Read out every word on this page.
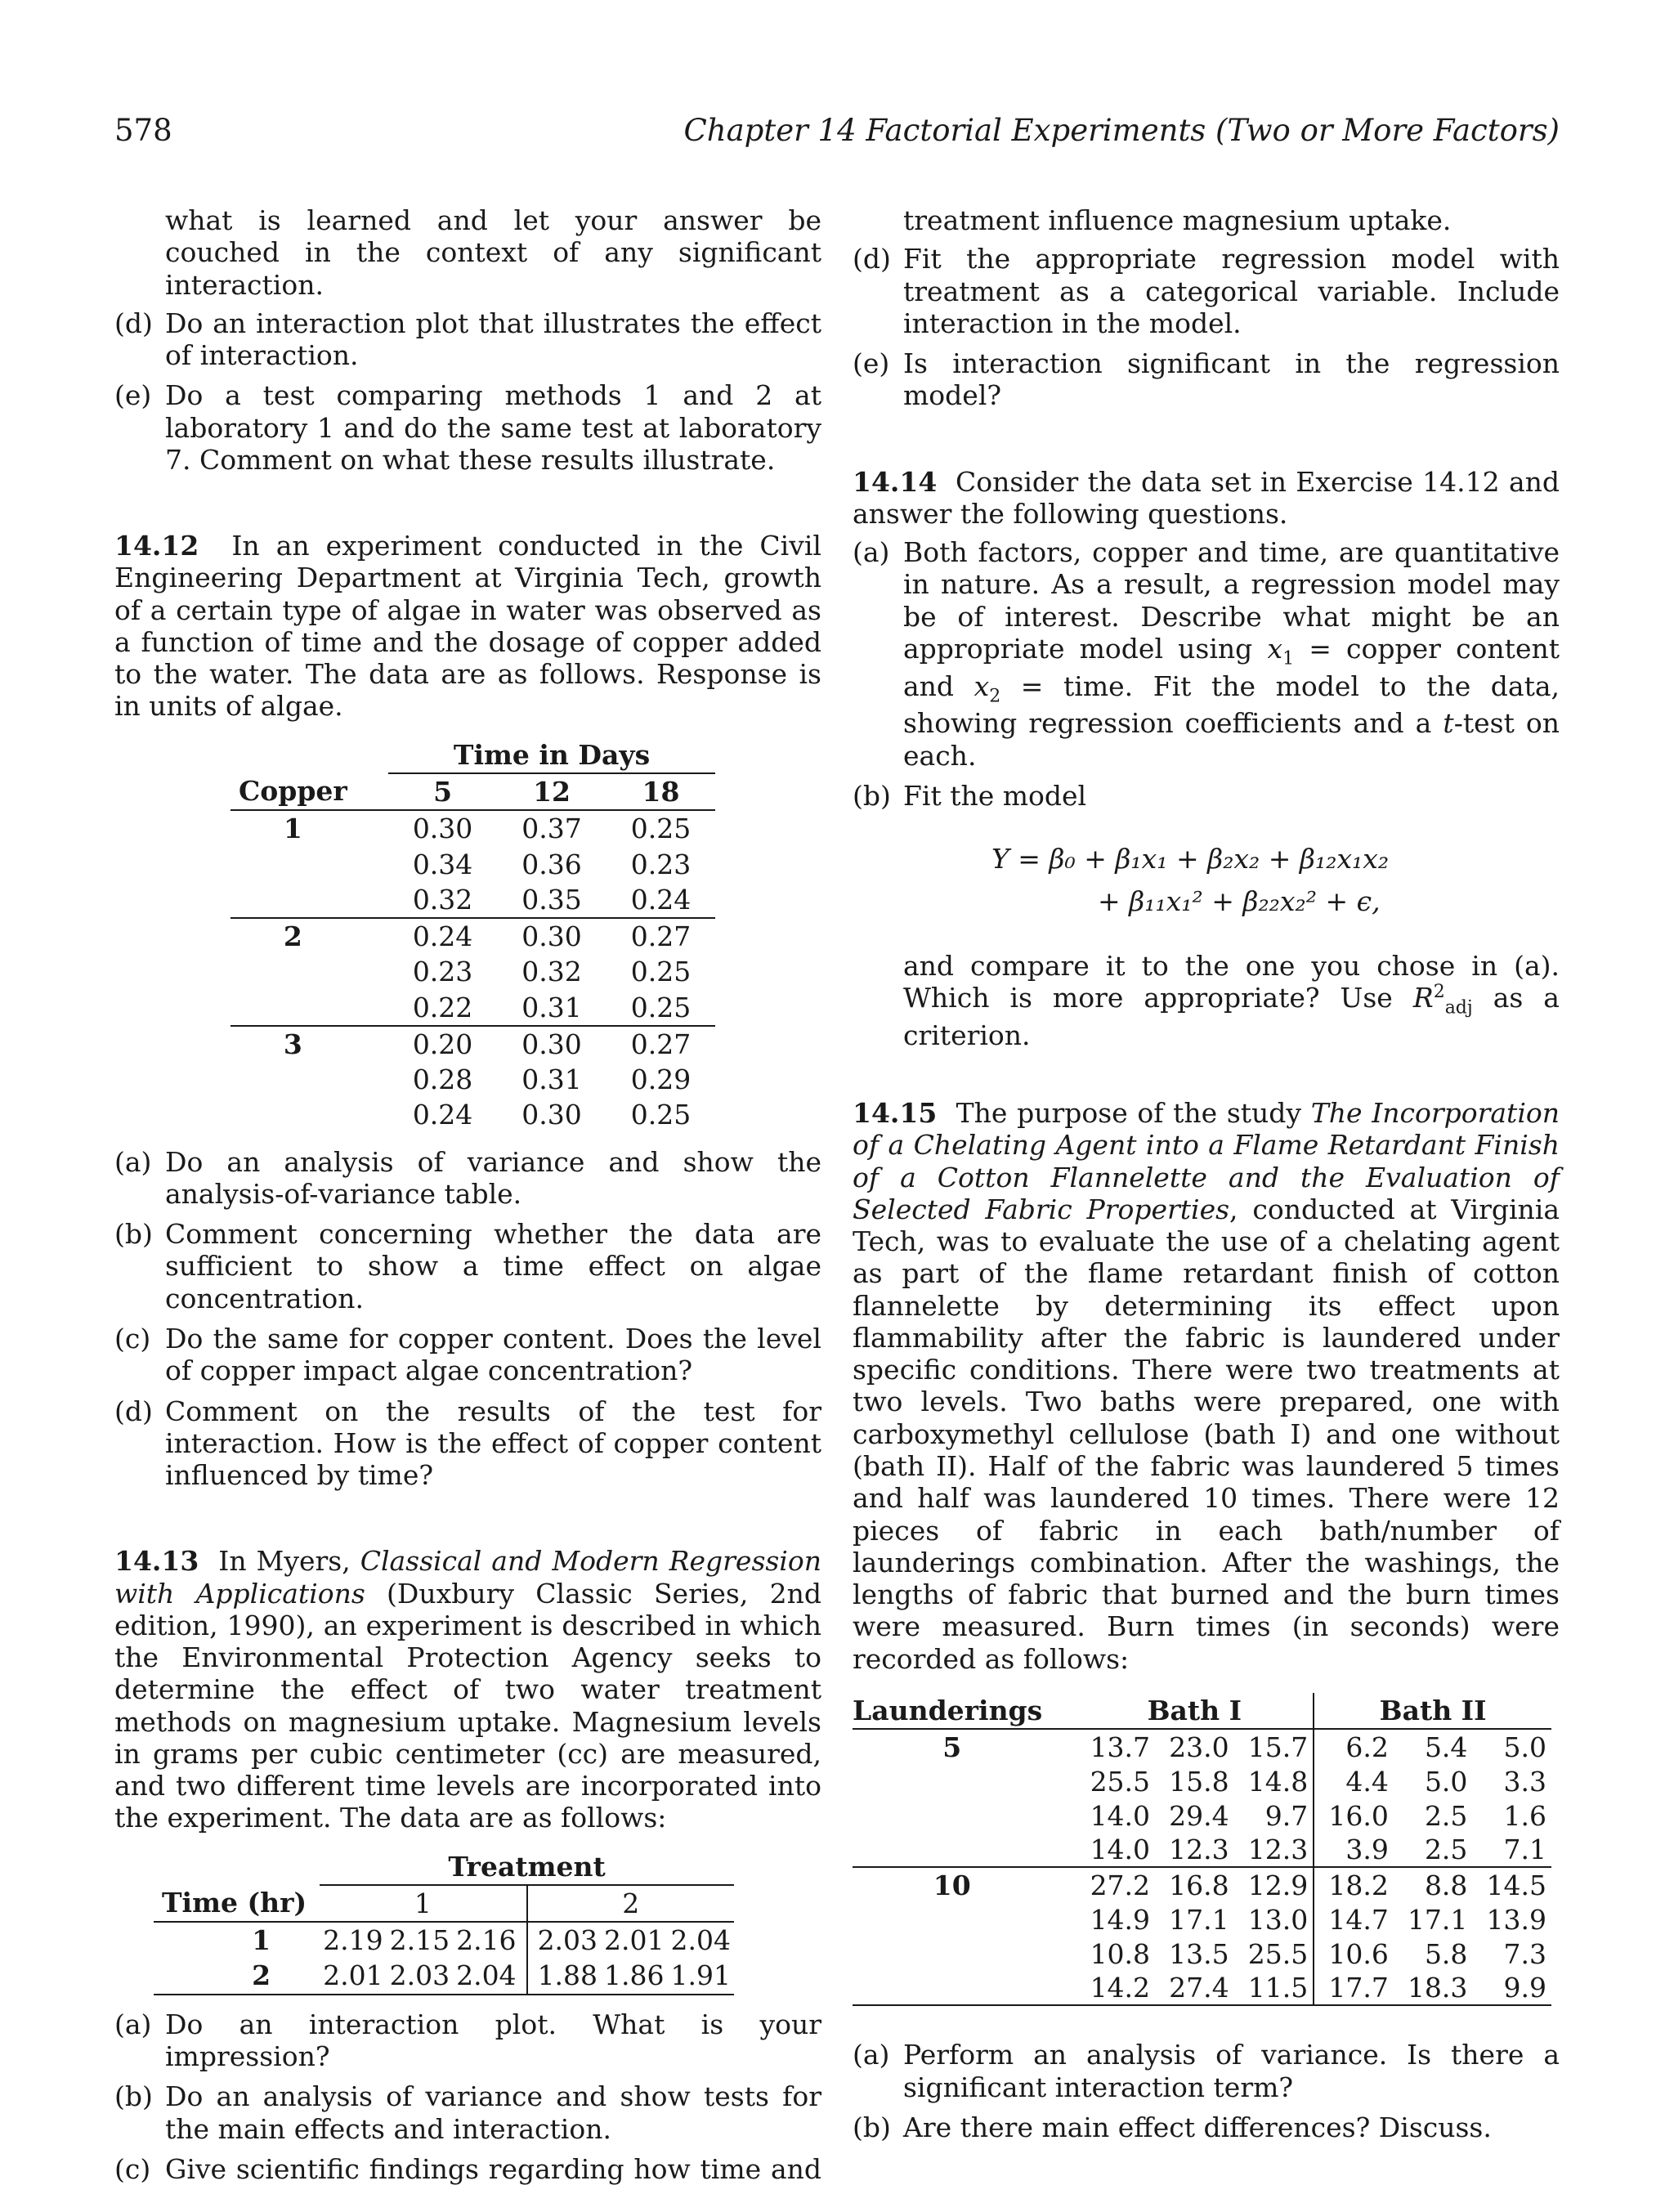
578	Chapter 14 Factorial Experiments (Two or More Factors)

what is learned and let your answer be couched in the context of any significant interaction.

(d) Do an interaction plot that illustrates the effect of interaction.
(e) Do a test comparing methods 1 and 2 at laboratory 1 and do the same test at laboratory 7. Comment on what these results illustrate.

14.12 In an experiment conducted in the Civil Engineering Department at Virginia Tech, growth of a certain type of algae in water was observed as a function of time and the dosage of copper added to the water. The data are as follows. Response is in units of algae.

	Time in Days		
Copper	5	12	18
1	0.30	0.37	0.25
	0.34	0.36	0.23
	0.32	0.35	0.24
2	0.24	0.30	0.27
	0.23	0.32	0.25
	0.22	0.31	0.25
3	0.20	0.30	0.27
	0.28	0.31	0.29
	0.24	0.30	0.25
(a) Do an analysis of variance and show the analysis-of-variance table.
(b) Comment concerning whether the data are sufficient to show a time effect on algae concentration.
(c) Do the same for copper content. Does the level of copper impact algae concentration?
(d) Comment on the results of the test for interaction. How is the effect of copper content influenced by time?

14.13 In Myers, Classical and Modern Regression with Applications (Duxbury Classic Series, 2nd edition, 1990), an experiment is described in which the Environmental Protection Agency seeks to determine the effect of two water treatment methods on magnesium uptake. Magnesium levels in grams per cubic centimeter (cc) are measured, and two different time levels are incorporated into the experiment. The data are as follows:

	Treatment					
Time (hr)	1			2		
1	2.19	2.15	2.16	2.03	2.01	2.04
2	2.01	2.03	2.04	1.88	1.86	1.91
(a) Do an interaction plot. What is your impression?
(b) Do an analysis of variance and show tests for the main effects and interaction.
(c) Give scientific findings regarding how time and

treatment influence magnesium uptake.

(d) Fit the appropriate regression model with treatment as a categorical variable. Include interaction in the model.
(e) Is interaction significant in the regression model?

14.14 Consider the data set in Exercise 14.12 and answer the following questions.

(a) Both factors, copper and time, are quantitative in nature. As a result, a regression model may be of interest. Describe what might be an appropriate model using $x_1$ = copper content and $x_2$ = time. Fit the model to the data, showing regression coefficients and a t-test on each.
(b) Fit the model
Y = β₀ + β₁x₁ + β₂x₂ + β₁₂x₁x₂
+ β₁₁x₁² + β₂₂x₂² + ϵ,

and compare it to the one you chose in (a). Which is more appropriate? Use $R^2_{adj}$ as a criterion.

14.15 The purpose of the study The Incorporation of a Chelating Agent into a Flame Retardant Finish of a Cotton Flannelette and the Evaluation of Selected Fabric Properties, conducted at Virginia Tech, was to evaluate the use of a chelating agent as part of the flame retardant finish of cotton flannelette by determining its effect upon flammability after the fabric is laundered under specific conditions. There were two treatments at two levels. Two baths were prepared, one with carboxymethyl cellulose (bath I) and one without (bath II). Half of the fabric was laundered 5 times and half was laundered 10 times. There were 12 pieces of fabric in each bath/number of launderings combination. After the washings, the lengths of fabric that burned and the burn times were measured. Burn times (in seconds) were recorded as follows:

Launderings	Bath I			Bath II		
5	13.7	23.0	15.7	6.2	5.4	5.0
	25.5	15.8	14.8	4.4	5.0	3.3
	14.0	29.4	9.7	16.0	2.5	1.6
	14.0	12.3	12.3	3.9	2.5	7.1
10	27.2	16.8	12.9	18.2	8.8	14.5
	14.9	17.1	13.0	14.7	17.1	13.9
	10.8	13.5	25.5	10.6	5.8	7.3
	14.2	27.4	11.5	17.7	18.3	9.9
(a) Perform an analysis of variance. Is there a significant interaction term?
(b) Are there main effect differences? Discuss.
